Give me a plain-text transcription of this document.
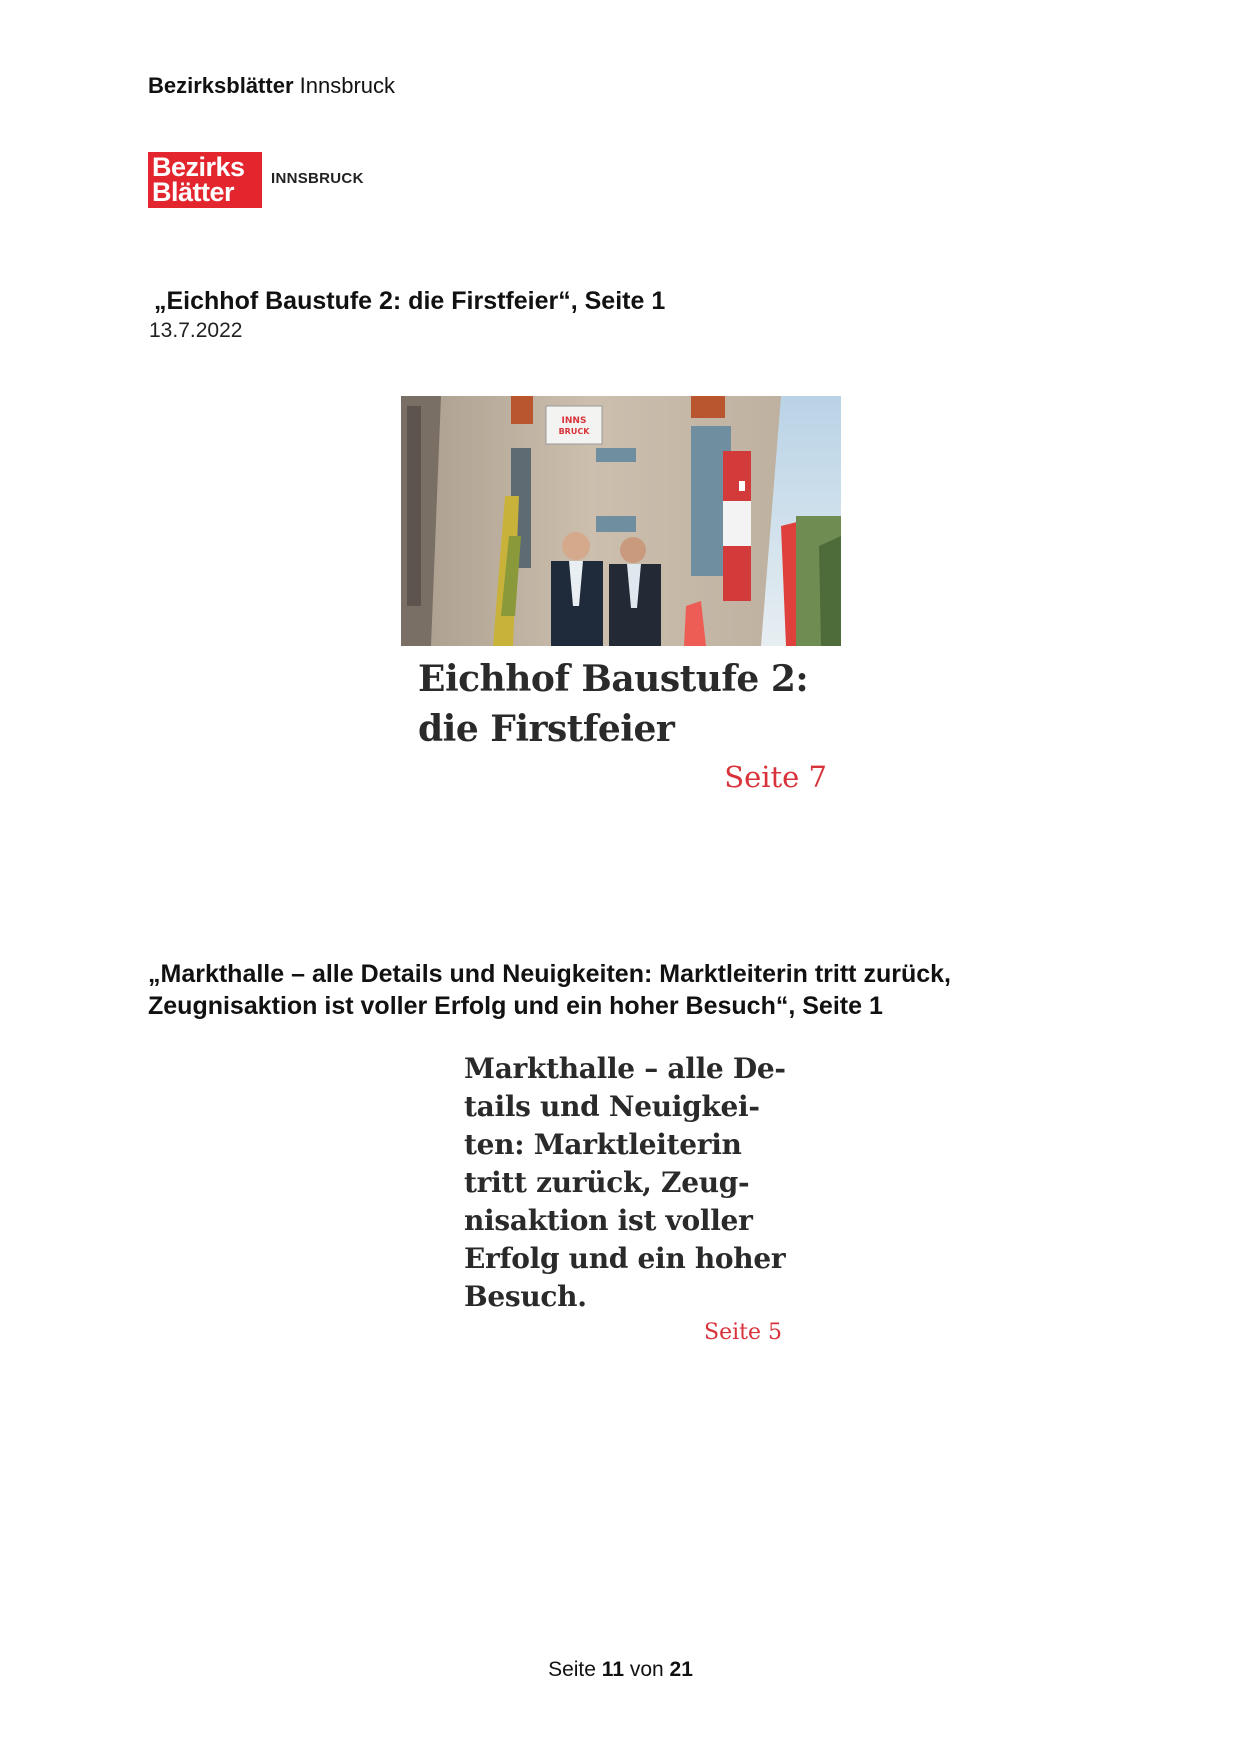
Bezirksblätter Innsbruck
Bezirks
Blätter	INNSBRUCK
„Eichhof Baustufe 2: die Firstfeier“, Seite 1
13.7.2022
INNS
BRUCK
Eichhof Baustufe 2:
die Firstfeier
Seite 7
„Markthalle – alle Details und Neuigkeiten: Marktleiterin tritt zurück,
Zeugnisaktion ist voller Erfolg und ein hoher Besuch“, Seite 1
Markthalle – alle De-
tails und Neuigkei-
ten: Marktleiterin
tritt zurück, Zeug-
nisaktion ist voller
Erfolg und ein hoher
Besuch.
Seite 5
Seite 11 von 21
